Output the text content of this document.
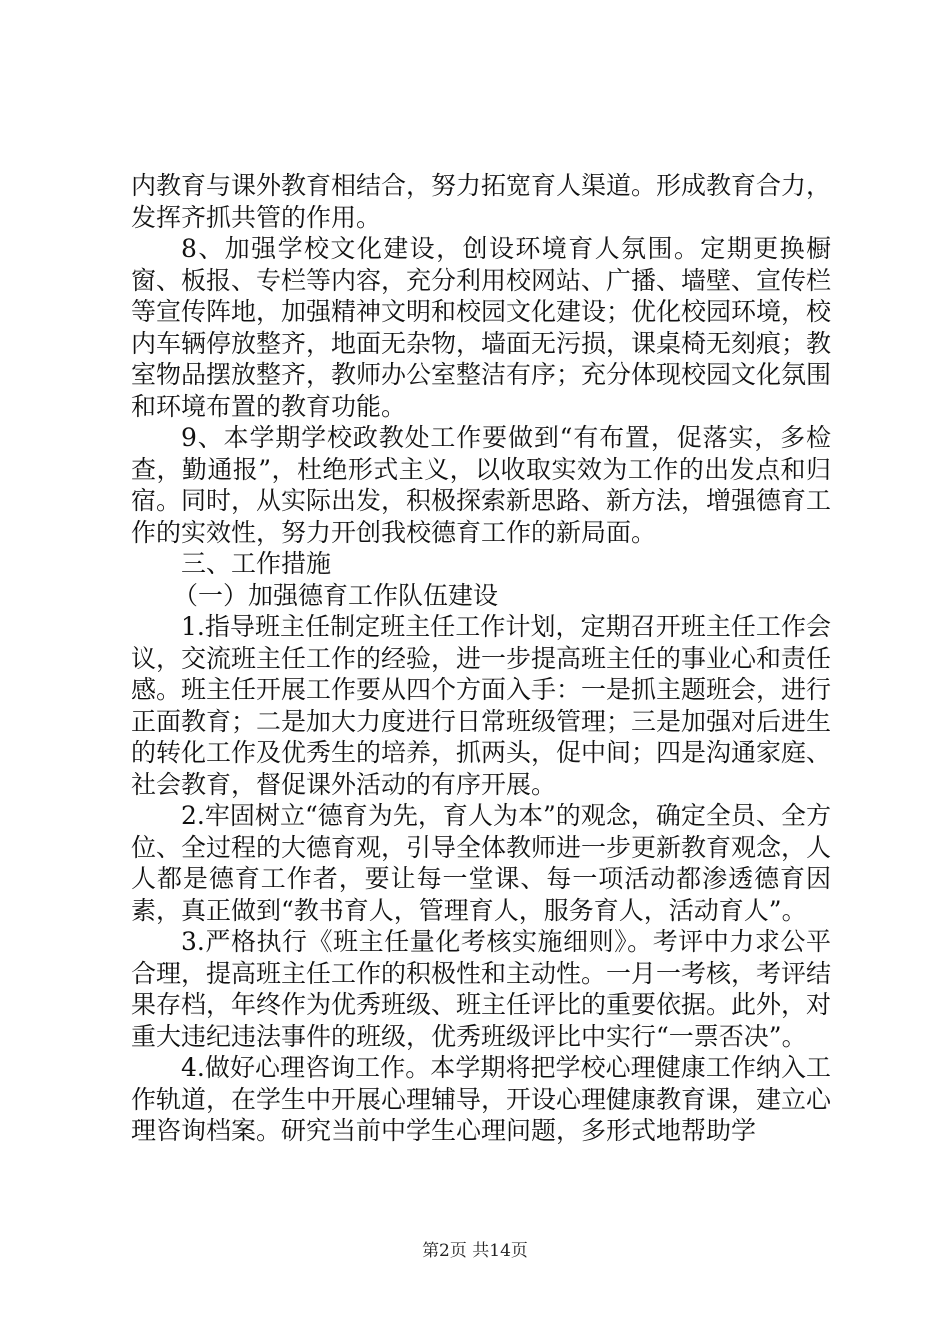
内教育与课外教育相结合，努力拓宽育人渠道。形成教育合力，发挥齐抓共管的作用。

8、加强学校文化建设，创设环境育人氛围。定期更换橱窗、板报、专栏等内容，充分利用校网站、广播、墙壁、宣传栏等宣传阵地，加强精神文明和校园文化建设；优化校园环境，校内车辆停放整齐，地面无杂物，墙面无污损，课桌椅无刻痕；教室物品摆放整齐，教师办公室整洁有序；充分体现校园文化氛围和环境布置的教育功能。

9、本学期学校政教处工作要做到“有布置，促落实，多检查，勤通报”，杜绝形式主义，以收取实效为工作的出发点和归宿。同时，从实际出发，积极探索新思路、新方法，增强德育工作的实效性，努力开创我校德育工作的新局面。

三、工作措施

（一）加强德育工作队伍建设

1.指导班主任制定班主任工作计划，定期召开班主任工作会议，交流班主任工作的经验，进一步提高班主任的事业心和责任感。班主任开展工作要从四个方面入手：一是抓主题班会，进行正面教育；二是加大力度进行日常班级管理；三是加强对后进生的转化工作及优秀生的培养，抓两头，促中间；四是沟通家庭、社会教育，督促课外活动的有序开展。

2.牢固树立“德育为先，育人为本”的观念，确定全员、全方位、全过程的大德育观，引导全体教师进一步更新教育观念，人人都是德育工作者，要让每一堂课、每一项活动都渗透德育因素，真正做到“教书育人，管理育人，服务育人，活动育人”。

3.严格执行《班主任量化考核实施细则》。考评中力求公平合理，提高班主任工作的积极性和主动性。一月一考核，考评结果存档，年终作为优秀班级、班主任评比的重要依据。此外，对重大违纪违法事件的班级，优秀班级评比中实行“一票否决”。

4.做好心理咨询工作。本学期将把学校心理健康工作纳入工作轨道，在学生中开展心理辅导，开设心理健康教育课，建立心理咨询档案。研究当前中学生心理问题，多形式地帮助学

第2页 共14页
